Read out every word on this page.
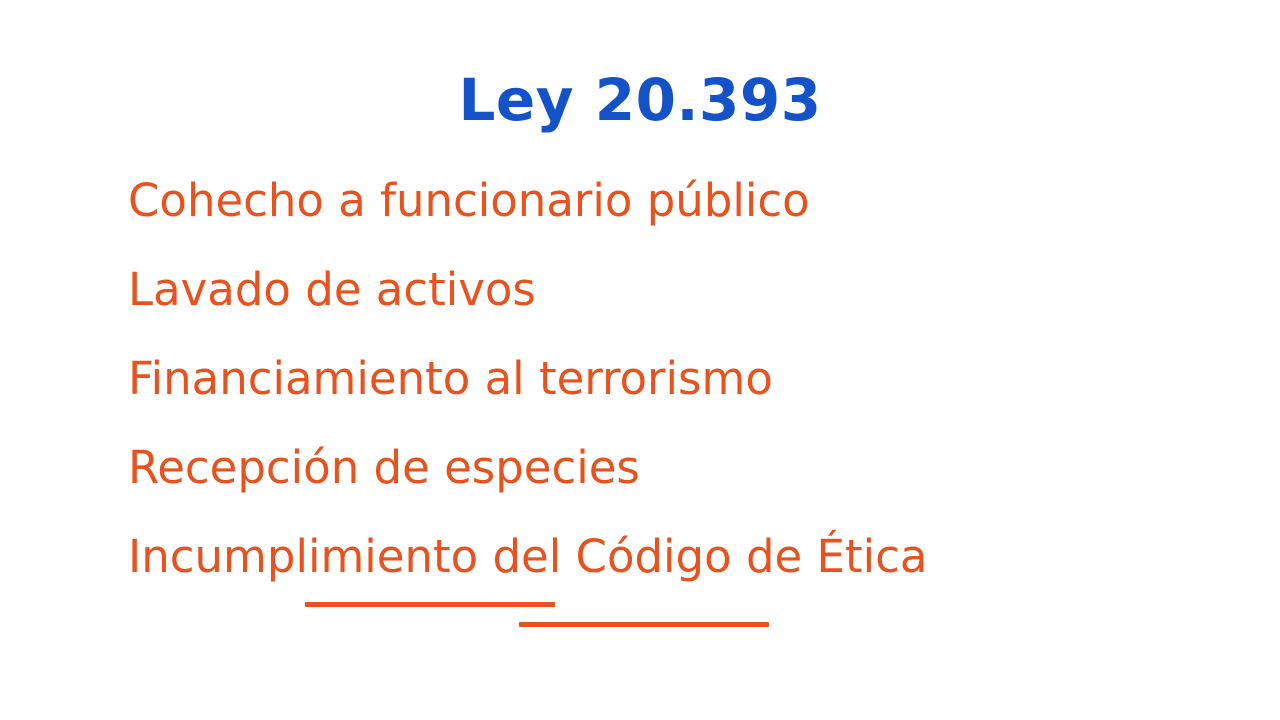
Ley 20.393
Cohecho a funcionario público
Lavado de activos
Financiamiento al terrorismo
Recepción de especies
Incumplimiento del Código de Ética
